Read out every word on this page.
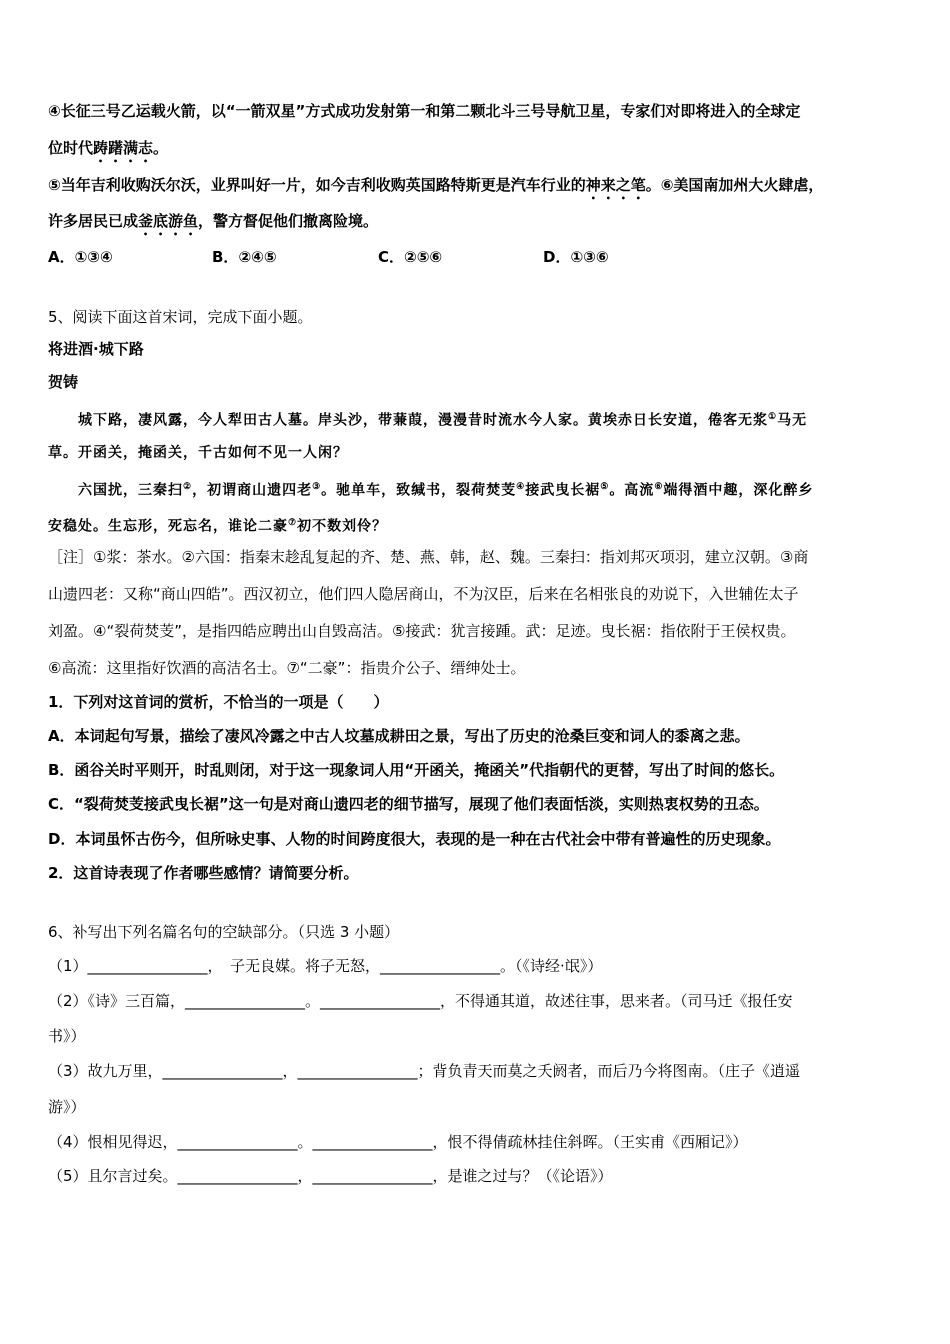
④长征三号乙运载火箭，以“一箭双星”方式成功发射第一和第二颗北斗三号导航卫星，专家们对即将进入的全球定
位时代踌躇满志。
⑤当年吉利收购沃尔沃，业界叫好一片，如今吉利收购英国路特斯更是汽车行业的神来之笔。⑥美国南加州大火肆虐，
许多居民已成釜底游鱼，警方督促他们撤离险境。
A．①③④	B．②④⑤	C．②⑤⑥	D．①③⑥
5、阅读下面这首宋词，完成下面小题。
将进酒·城下路
贺铸
城下路，凄风露，今人犁田古人墓。岸头沙，带蒹葭，漫漫昔时流水今人家。黄埃赤日长安道，倦客无浆①马无
草。开函关，掩函关，千古如何不见一人闲？
六国扰，三秦扫②，初谓商山遗四老③。驰单车，致缄书，裂荷焚芰④接武曳长裾⑤。高流⑥端得酒中趣，深化醉乡
安稳处。生忘形，死忘名，谁论二豪⑦初不数刘伶？
［注］①浆：茶水。②六国：指秦末趁乱复起的齐、楚、燕、韩，赵、魏。三秦扫：指刘邦灭项羽，建立汉朝。③商
山遗四老：又称“商山四皓”。西汉初立，他们四人隐居商山，不为汉臣，后来在名相张良的劝说下，入世辅佐太子
刘盈。④“裂荷焚芰”，是指四皓应聘出山自毁高洁。⑤接武：犹言接踵。武：足迹。曳长裾：指依附于王侯权贵。
⑥高流：这里指好饮酒的高洁名士。⑦“二豪”：指贵介公子、缙绅处士。
1．下列对这首词的赏析，不恰当的一项是（　　）
A．本词起句写景，描绘了凄风冷露之中古人坟墓成耕田之景，写出了历史的沧桑巨变和词人的黍离之悲。
B．函谷关时平则开，时乱则闭，对于这一现象词人用“开函关，掩函关”代指朝代的更替，写出了时间的悠长。
C．“裂荷焚芰接武曳长裾”这一句是对商山遗四老的细节描写，展现了他们表面恬淡，实则热衷权势的丑态。
D．本词虽怀古伤今，但所咏史事、人物的时间跨度很大，表现的是一种在古代社会中带有普遍性的历史现象。
2．这首诗表现了作者哪些感情？请简要分析。
6、补写出下列名篇名句的空缺部分。（只选 3 小题）
（1）________________，　子无良媒。将子无怒，________________。（《诗经·氓》）
（2）《诗》三百篇，________________。________________，不得通其道，故述往事，思来者。（司马迁《报任安
书》）
（3）故九万里，________________，________________；背负青天而莫之夭阏者，而后乃今将图南。（庄子《逍遥
游》）
（4）恨相见得迟，________________。________________，恨不得倩疏林挂住斜晖。（王实甫《西厢记》）
（5）且尔言过矣。________________，________________，是谁之过与？（《论语》）
